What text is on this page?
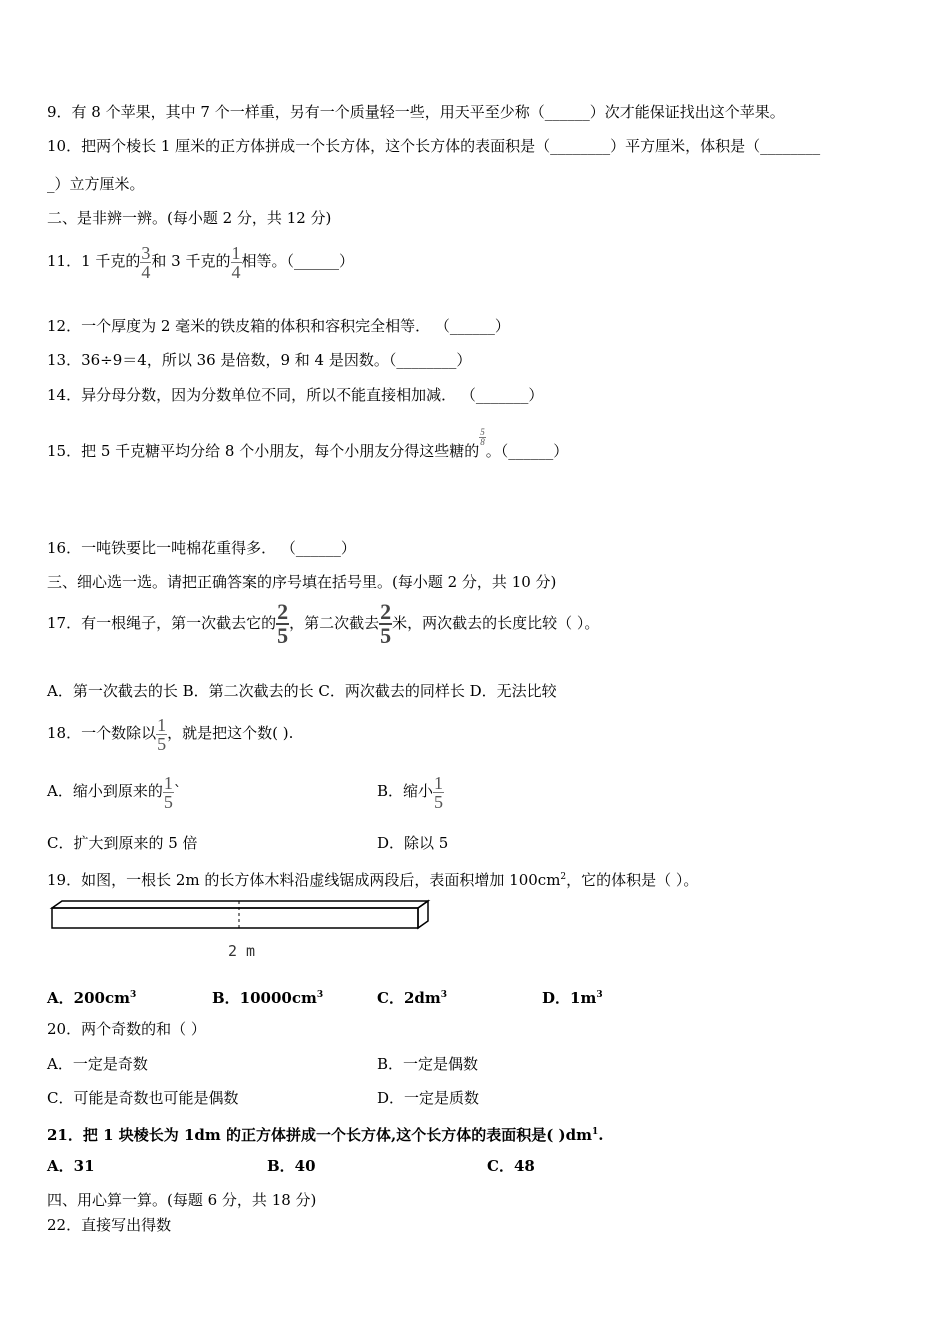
9．有 8 个苹果，其中 7 个一样重，另有一个质量轻一些，用天平至少称（______）次才能保证找出这个苹果。
10．把两个棱长 1 厘米的正方体拼成一个长方体，这个长方体的表面积是（________）平方厘米，体积是（________
_）立方厘米。
二、是非辨一辨。(每小题 2 分，共 12 分)
11．1 千克的 $\frac{3}{4}$ 和 3 千克的 $\frac{1}{4}$ 相等。（______）
12．一个厚度为 2 毫米的铁皮箱的体积和容积完全相等． （______）
13．36÷9＝4，所以 36 是倍数，9 和 4 是因数。（________）
14．异分母分数，因为分数单位不同，所以不能直接相加减． （_______）
15．把 5 千克糖平均分给 8 个小朋友，每个小朋友分得这些糖的
$\frac{5}{8}$
。（______）
16．一吨铁要比一吨棉花重得多． （______）
三、细心选一选。请把正确答案的序号填在括号里。(每小题 2 分，共 10 分)
17．有一根绳子，第一次截去它的 $\frac{2}{5}$ ，第二次截去 $\frac{2}{5}$ 米，两次截去的长度比较（ ）。
A．第一次截去的长 B．第二次截去的长 C．两次截去的同样长 D．无法比较
18．一个数除以 $\frac{1}{5}$ ，就是把这个数( ).
A．缩小到原来的 $\frac{1}{5}$ `	B．缩小 $\frac{1}{5}$
C．扩大到原来的 5 倍	D．除以 5
19．如图，一根长 2m 的长方体木料沿虚线锯成两段后，表面积增加 $100cm^2$，它的体积是（ ）。
2 m
A．$200cm^3$	B．$10000cm^3$	C．$2dm^3$	D．$1m^3$
20．两个奇数的和（ ）
A．一定是奇数	B．一定是偶数
C．可能是奇数也可能是偶数	D．一定是质数
21．把 1 块棱长为 1dm 的正方体拼成一个长方体,这个长方体的表面积是( )$dm^1$.
A．31	B．40	C．48
四、用心算一算。(每题 6 分，共 18 分)
22．直接写出得数
